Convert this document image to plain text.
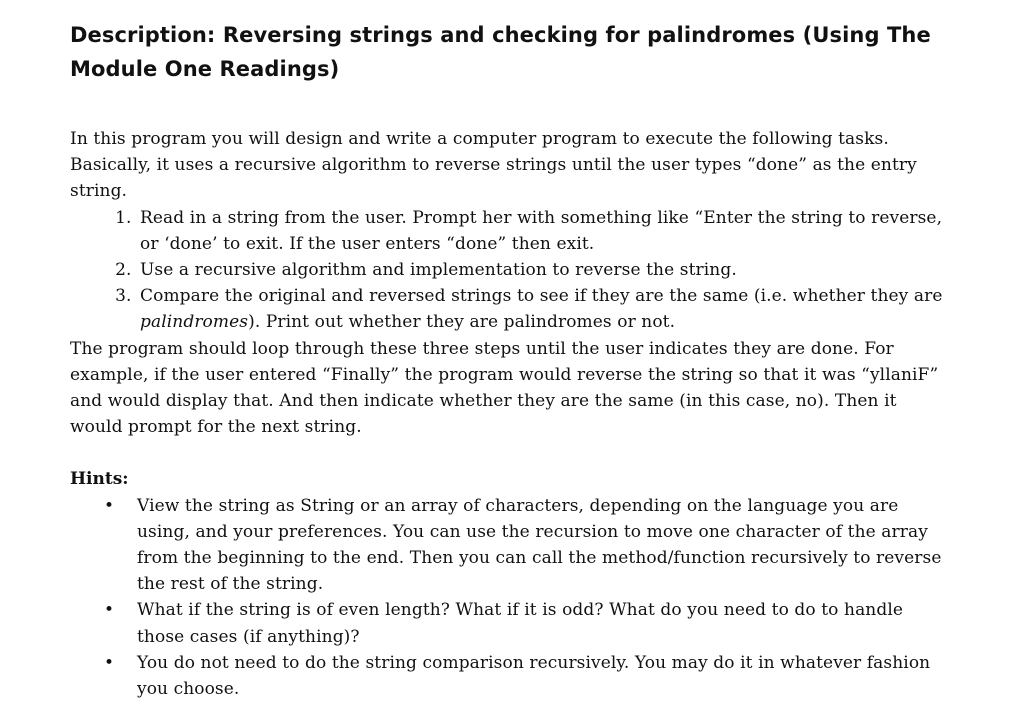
Description: Reversing strings and checking for palindromes (Using The Module One Readings)

In this program you will design and write a computer program to execute the following tasks. Basically, it uses a recursive algorithm to reverse strings until the user types “done” as the entry string.

1. Read in a string from the user. Prompt her with something like “Enter the string to reverse, or ‘done’ to exit. If the user enters “done” then exit.
2. Use a recursive algorithm and implementation to reverse the string.
3. Compare the original and reversed strings to see if they are the same (i.e. whether they are palindromes). Print out whether they are palindromes or not.

The program should loop through these three steps until the user indicates they are done. For example, if the user entered “Finally” the program would reverse the string so that it was “yllaniF” and would display that. And then indicate whether they are the same (in this case, no). Then it would prompt for the next string.

Hints:
• View the string as String or an array of characters, depending on the language you are using, and your preferences. You can use the recursion to move one character of the array from the beginning to the end. Then you can call the method/function recursively to reverse the rest of the string.
• What if the string is of even length? What if it is odd? What do you need to do to handle those cases (if anything)?
• You do not need to do the string comparison recursively. You may do it in whatever fashion you choose.
